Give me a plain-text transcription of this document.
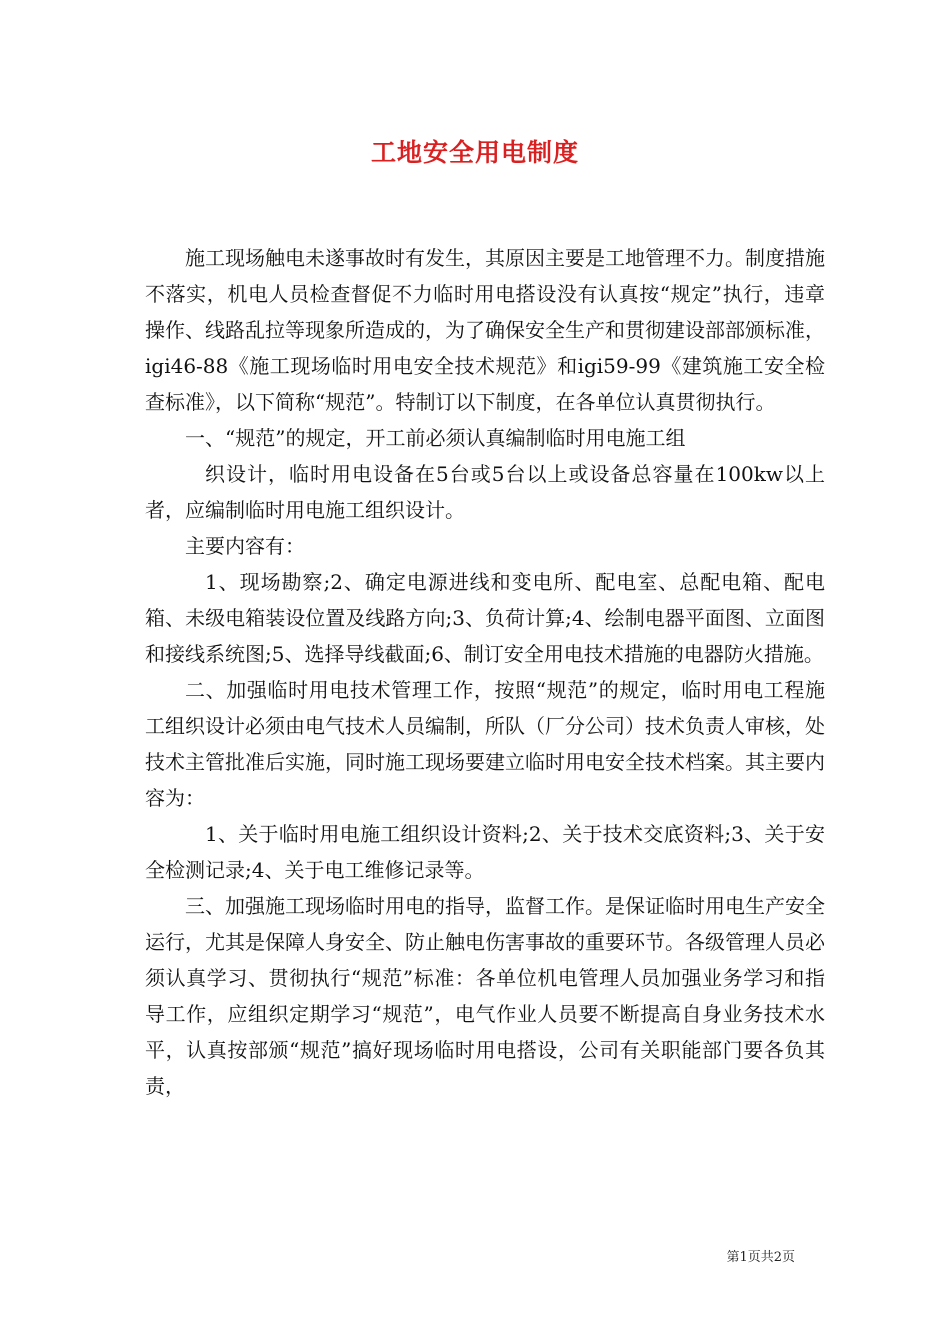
工地安全用电制度

施工现场触电未遂事故时有发生，其原因主要是工地管理不力。制度措施不落实，机电人员检查督促不力临时用电搭设没有认真按“规定”执行，违章操作、线路乱拉等现象所造成的，为了确保安全生产和贯彻建设部部颁标准，igi46-88《施工现场临时用电安全技术规范》和igi59-99《建筑施工安全检查标准》，以下简称“规范”。特制订以下制度，在各单位认真贯彻执行。

一、“规范”的规定，开工前必须认真编制临时用电施工组

织设计，临时用电设备在5台或5台以上或设备总容量在100kw以上者，应编制临时用电施工组织设计。

主要内容有：

1、现场勘察;2、确定电源进线和变电所、配电室、总配电箱、配电箱、未级电箱装设位置及线路方向;3、负荷计算;4、绘制电器平面图、立面图和接线系统图;5、选择导线截面;6、制订安全用电技术措施的电器防火措施。

二、加强临时用电技术管理工作，按照“规范”的规定，临时用电工程施工组织设计必须由电气技术人员编制，所队（厂分公司）技术负责人审核，处技术主管批准后实施，同时施工现场要建立临时用电安全技术档案。其主要内容为：

1、关于临时用电施工组织设计资料;2、关于技术交底资料;3、关于安全检测记录;4、关于电工维修记录等。

三、加强施工现场临时用电的指导，监督工作。是保证临时用电生产安全运行，尤其是保障人身安全、防止触电伤害事故的重要环节。各级管理人员必须认真学习、贯彻执行“规范”标准：各单位机电管理人员加强业务学习和指导工作，应组织定期学习“规范”，电气作业人员要不断提高自身业务技术水平，认真按部颁“规范”搞好现场临时用电搭设，公司有关职能部门要各负其责，

第1页共2页
